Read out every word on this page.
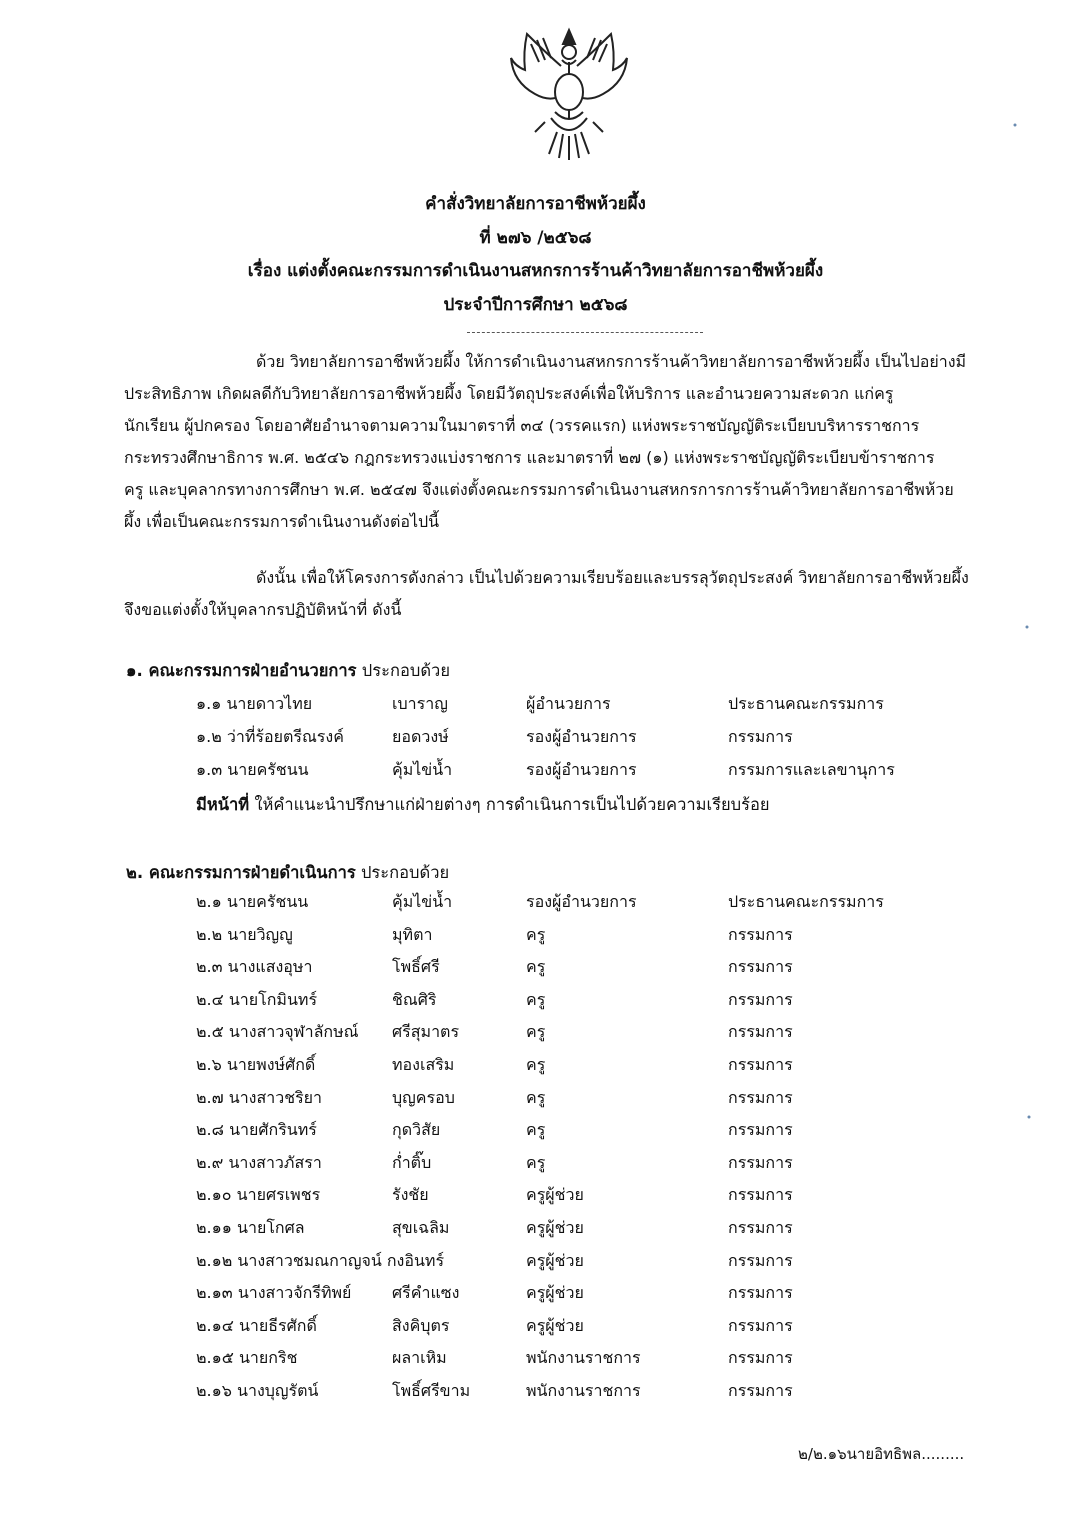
คำสั่งวิทยาลัยการอาชีพห้วยผึ้ง
ที่ ๒๗๖ /๒๕๖๘
เรื่อง แต่งตั้งคณะกรรมการดำเนินงานสหกรการร้านค้าวิทยาลัยการอาชีพห้วยผึ้ง
ประจำปีการศึกษา ๒๕๖๘
ด้วย วิทยาลัยการอาชีพห้วยผึ้ง ให้การดำเนินงานสหกรการร้านค้าวิทยาลัยการอาชีพห้วยผึ้ง เป็นไปอย่างมี
ประสิทธิภาพ เกิดผลดีกับวิทยาลัยการอาชีพห้วยผึ้ง โดยมีวัตถุประสงค์เพื่อให้บริการ และอำนวยความสะดวก แก่ครู
นักเรียน ผู้ปกครอง โดยอาศัยอำนาจตามความในมาตราที่ ๓๔ (วรรคแรก) แห่งพระราชบัญญัติระเบียบบริหารราชการ
กระทรวงศึกษาธิการ พ.ศ. ๒๕๔๖ กฎกระทรวงแบ่งราชการ และมาตราที่ ๒๗ (๑) แห่งพระราชบัญญัติระเบียบข้าราชการ
ครู และบุคลากรทางการศึกษา พ.ศ. ๒๕๔๗ จึงแต่งตั้งคณะกรรมการดำเนินงานสหกรการการร้านค้าวิทยาลัยการอาชีพห้วย
ผึ้ง เพื่อเป็นคณะกรรมการดำเนินงานดังต่อไปนี้
ดังนั้น เพื่อให้โครงการดังกล่าว เป็นไปด้วยความเรียบร้อยและบรรลุวัตถุประสงค์ วิทยาลัยการอาชีพห้วยผึ้ง
จึงขอแต่งตั้งให้บุคลากรปฏิบัติหน้าที่ ดังนี้
๑. คณะกรรมการฝ่ายอำนวยการ ประกอบด้วย
๑.๑ นายดาวไทย	เบาราญ	ผู้อำนวยการ	ประธานคณะกรรมการ
๑.๒ ว่าที่ร้อยตรีณรงค์	ยอดวงษ์	รองผู้อำนวยการ	กรรมการ
๑.๓ นายครัชนน	คุ้มไข่น้ำ	รองผู้อำนวยการ	กรรมการและเลขานุการ
มีหน้าที่ ให้คำแนะนำปรึกษาแก่ฝ่ายต่างๆ การดำเนินการเป็นไปด้วยความเรียบร้อย
๒. คณะกรรมการฝ่ายดำเนินการ ประกอบด้วย
๒.๑ นายครัชนน	คุ้มไข่น้ำ	รองผู้อำนวยการ	ประธานคณะกรรมการ
๒.๒ นายวิญญู	มุทิตา	ครู	กรรมการ
๒.๓ นางแสงอุษา	โพธิ์ศรี	ครู	กรรมการ
๒.๔ นายโกมินทร์	ชิณศิริ	ครู	กรรมการ
๒.๕ นางสาวจุฬาลักษณ์ ศรีสุมาตร	ครู	กรรมการ
๒.๖ นายพงษ์ศักดิ์	ทองเสริม	ครู	กรรมการ
๒.๗ นางสาวชริยา	บุญครอบ	ครู	กรรมการ
๒.๘ นายศักรินทร์	กุดวิสัย	ครู	กรรมการ
๒.๙ นางสาวภัสรา	ก่ำติ๊บ	ครู	กรรมการ
๒.๑๐ นายศรเพชร	รังชัย	ครูผู้ช่วย	กรรมการ
๒.๑๑ นายโกศล	สุขเฉลิม	ครูผู้ช่วย	กรรมการ
๒.๑๒ นางสาวชมณกาญจน์ กงอินทร์	ครูผู้ช่วย	กรรมการ
๒.๑๓ นางสาวจักรีทิพย์	ศรีคำแซง	ครูผู้ช่วย	กรรมการ
๒.๑๔ นายธีรศักดิ์	สิงคิบุตร	ครูผู้ช่วย	กรรมการ
๒.๑๕ นายกริช	ผลาเหิม	พนักงานราชการ	กรรมการ
๒.๑๖ นางบุญรัตน์	โพธิ์ศรีขาม	พนักงานราชการ	กรรมการ
๒/๒.๑๖นายอิทธิพล.........
